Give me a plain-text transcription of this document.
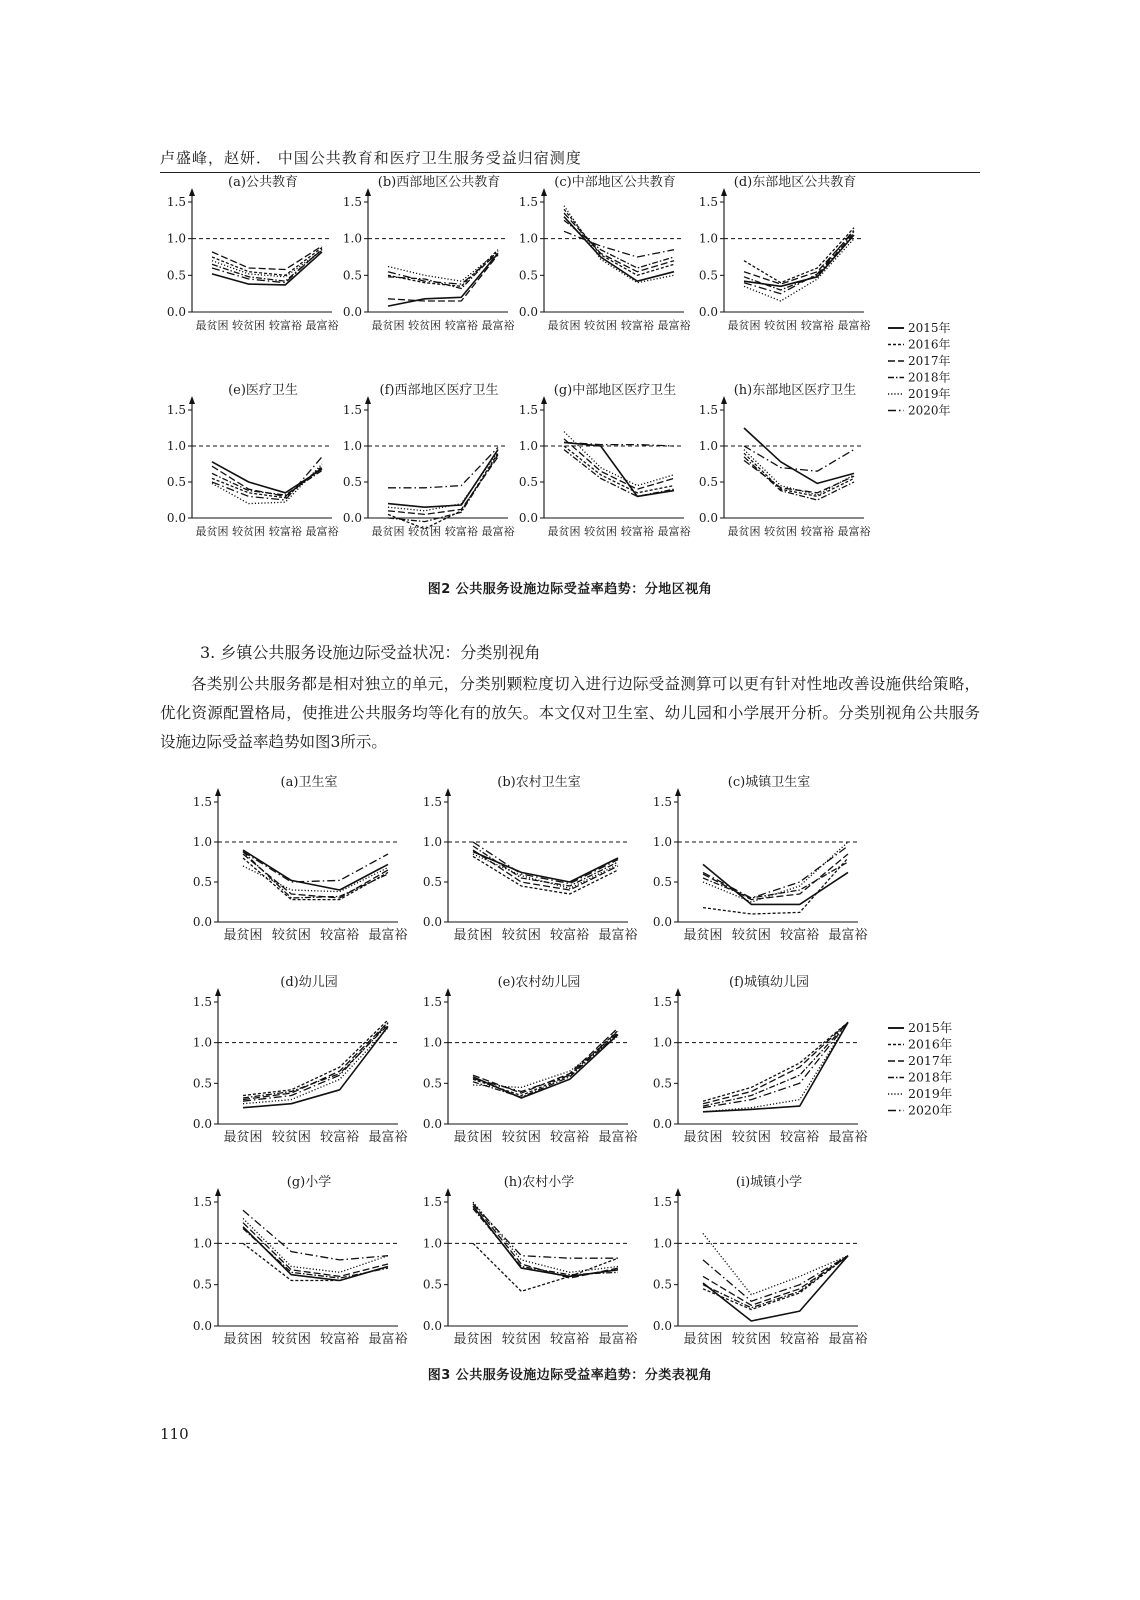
卢盛峰，赵妍． 中国公共教育和医疗卫生服务受益归宿测度
(a)公共教育
0.0
0.5
1.0
1.5
最贫困 较贫困 较富裕 最富裕
(b)西部地区公共教育
0.0
0.5
1.0
1.5
最贫困 较贫困 较富裕 最富裕
(c)中部地区公共教育
0.0
0.5
1.0
1.5
最贫困 较贫困 较富裕 最富裕
(d)东部地区公共教育
0.0
0.5
1.0
1.5
最贫困 较贫困 较富裕 最富裕
(e)医疗卫生
0.0
0.5
1.0
1.5
最贫困 较贫困 较富裕 最富裕
(f)西部地区医疗卫生
0.0
0.5
1.0
1.5
最贫困 较贫困 较富裕 最富裕
(g)中部地区医疗卫生
0.0
0.5
1.0
1.5
最贫困 较贫困 较富裕 最富裕
(h)东部地区医疗卫生
0.0
0.5
1.0
1.5
最贫困 较贫困 较富裕 最富裕
2015年
2016年
2017年
2018年
2019年
2020年
图2 公共服务设施边际受益率趋势：分地区视角
3. 乡镇公共服务设施边际受益状况：分类别视角
各类别公共服务都是相对独立的单元，分类别颗粒度切入进行边际受益测算可以更有针对性地改善设施供给策略，优化资源配置格局，使推进公共服务均等化有的放矢。本文仅对卫生室、幼儿园和小学展开分析。分类别视角公共服务设施边际受益率趋势如图3所示。
(a)卫生室
0.0
0.5
1.0
1.5
最贫困 较贫困 较富裕 最富裕
(b)农村卫生室
0.0
0.5
1.0
1.5
最贫困 较贫困 较富裕 最富裕
(c)城镇卫生室
0.0
0.5
1.0
1.5
最贫困 较贫困 较富裕 最富裕
(d)幼儿园
0.0
0.5
1.0
1.5
最贫困 较贫困 较富裕 最富裕
(e)农村幼儿园
0.0
0.5
1.0
1.5
最贫困 较贫困 较富裕 最富裕
(f)城镇幼儿园
0.0
0.5
1.0
1.5
最贫困 较贫困 较富裕 最富裕
(g)小学
0.0
0.5
1.0
1.5
最贫困 较贫困 较富裕 最富裕
(h)农村小学
0.0
0.5
1.0
1.5
最贫困 较贫困 较富裕 最富裕
(i)城镇小学
0.0
0.5
1.0
1.5
最贫困 较贫困 较富裕 最富裕
2015年
2016年
2017年
2018年
2019年
2020年
图3 公共服务设施边际受益率趋势：分类表视角
110
